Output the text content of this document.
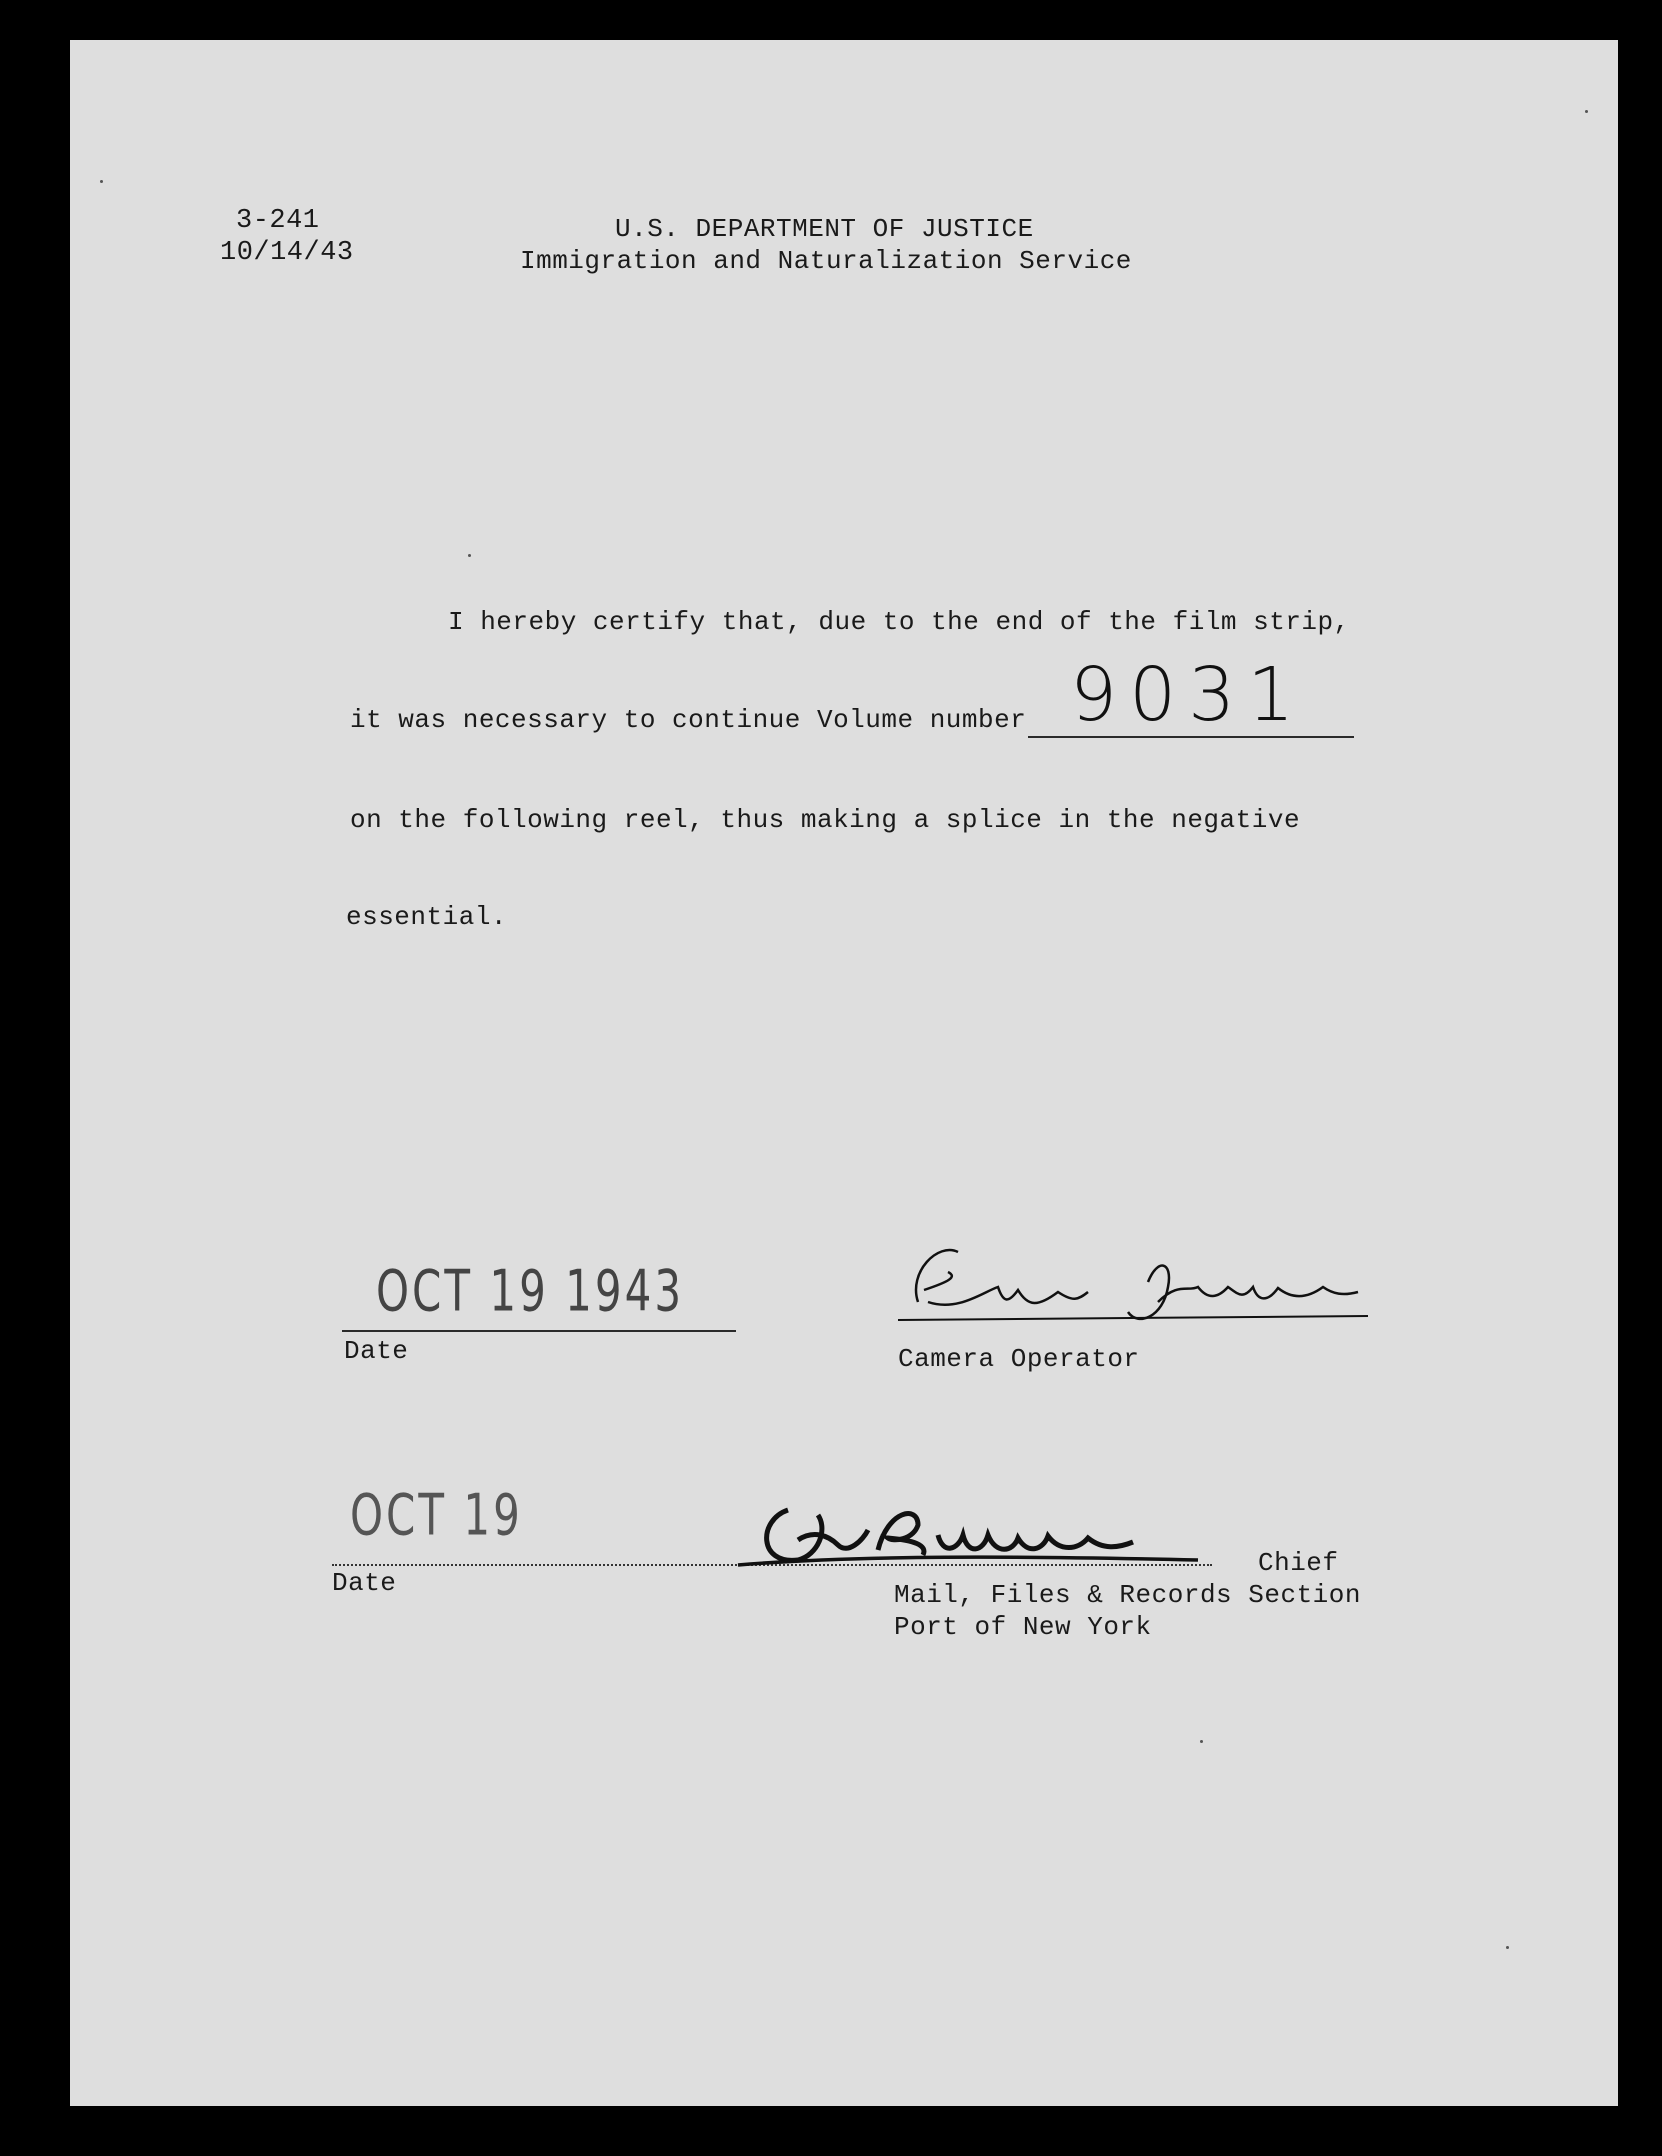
3-241
10/14/43
U.S. DEPARTMENT OF JUSTICE
Immigration and Naturalization Service
I hereby certify that, due to the end of the film strip,
it was necessary to continue Volume number 9031
on the following reel, thus making a splice in the negative
essential.
OCT 19 1943
Date	Camera Operator
OCT 19
Date
Chief
Mail, Files & Records Section
Port of New York
